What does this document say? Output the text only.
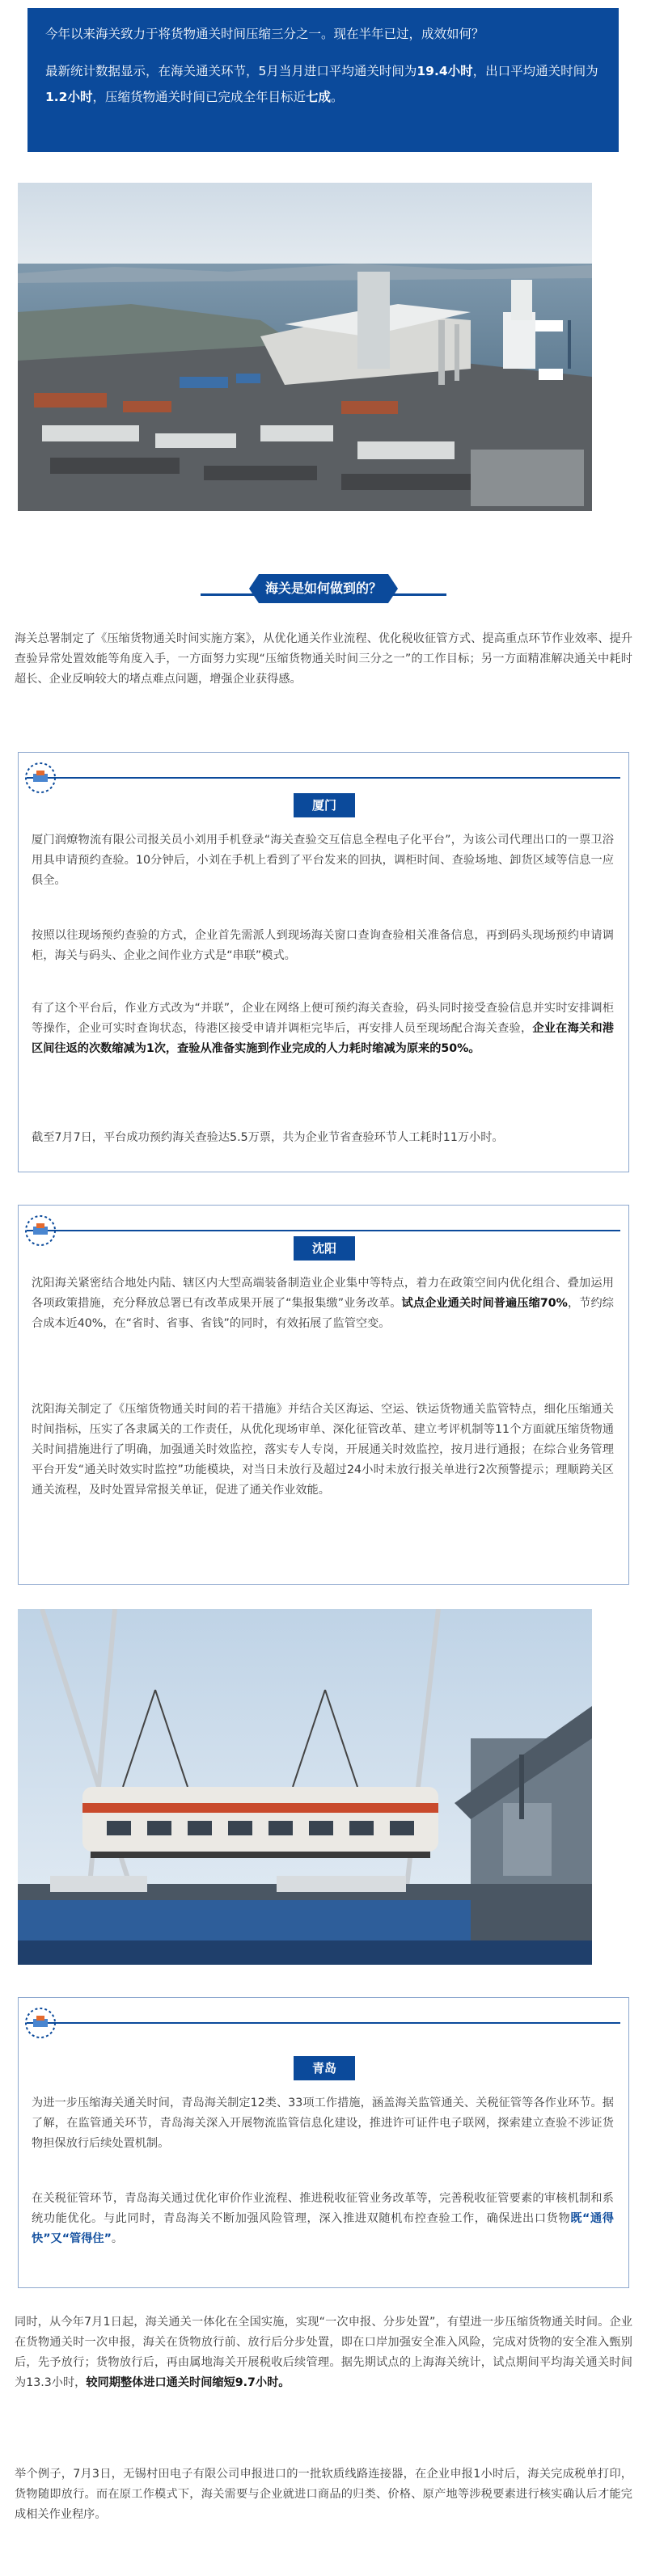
今年以来海关致力于将货物通关时间压缩三分之一。现在半年已过，成效如何？

最新统计数据显示，在海关通关环节，5月当月进口平均通关时间为19.4小时，出口平均通关时间为1.2小时，压缩货物通关时间已完成全年目标近七成。

海关是如何做到的？
海关总署制定了《压缩货物通关时间实施方案》，从优化通关作业流程、优化税收征管方式、提高重点环节作业效率、提升查验异常处置效能等角度入手，一方面努力实现“压缩货物通关时间三分之一”的工作目标；另一方面精准解决通关中耗时超长、企业反响较大的堵点难点问题，增强企业获得感。
厦门
厦门润燎物流有限公司报关员小刘用手机登录“海关查验交互信息全程电子化平台”，为该公司代理出口的一票卫浴用具申请预约查验。10分钟后，小刘在手机上看到了平台发来的回执，调柜时间、查验场地、卸货区域等信息一应俱全。
按照以往现场预约查验的方式，企业首先需派人到现场海关窗口查询查验相关准备信息，再到码头现场预约申请调柜，海关与码头、企业之间作业方式是“串联”模式。
有了这个平台后，作业方式改为“并联”，企业在网络上便可预约海关查验，码头同时接受查验信息并实时安排调柜等操作，企业可实时查询状态，待港区接受申请并调柜完毕后，再安排人员至现场配合海关查验，企业在海关和港区间往返的次数缩减为1次，查验从准备实施到作业完成的人力耗时缩减为原来的50%。
截至7月7日，平台成功预约海关查验达5.5万票，共为企业节省查验环节人工耗时11万小时。
沈阳
沈阳海关紧密结合地处内陆、辖区内大型高端装备制造业企业集中等特点，着力在政策空间内优化组合、叠加运用各项政策措施，充分释放总署已有改革成果开展了“集报集缴”业务改革。试点企业通关时间普遍压缩70%，节约综合成本近40%，在“省时、省事、省钱”的同时，有效拓展了监管空变。
沈阳海关制定了《压缩货物通关时间的若干措施》并结合关区海运、空运、铁运货物通关监管特点，细化压缩通关时间指标，压实了各隶属关的工作责任，从优化现场审单、深化征管改革、建立考评机制等11个方面就压缩货物通关时间措施进行了明确，加强通关时效监控，落实专人专岗，开展通关时效监控，按月进行通报；在综合业务管理平台开发“通关时效实时监控”功能模块，对当日未放行及超过24小时未放行报关单进行2次预警提示；理顺跨关区通关流程，及时处置异常报关单证，促进了通关作业效能。
青岛
为进一步压缩海关通关时间，青岛海关制定12类、33项工作措施，涵盖海关监管通关、关税征管等各作业环节。据了解，在监管通关环节，青岛海关深入开展物流监管信息化建设，推进许可证件电子联网，探索建立查验不涉证货物担保放行后续处置机制。
在关税征管环节，青岛海关通过优化审价作业流程、推进税收征管业务改革等，完善税收征管要素的审核机制和系统功能优化。与此同时，青岛海关不断加强风险管理，深入推进双随机布控查验工作，确保进出口货物既“通得快”又“管得住”。
同时，从今年7月1日起，海关通关一体化在全国实施，实现“一次申报、分步处置”，有望进一步压缩货物通关时间。企业在货物通关时一次申报，海关在货物放行前、放行后分步处置，即在口岸加强安全准入风险，完成对货物的安全准入甄别后，先予放行；货物放行后，再由属地海关开展税收后续管理。据先期试点的上海海关统计，试点期间平均海关通关时间为13.3小时，较同期整体进口通关时间缩短9.7小时。
举个例子，7月3日，无锡村田电子有限公司申报进口的一批软质线路连接器，在企业申报1小时后，海关完成税单打印，货物随即放行。而在原工作模式下，海关需要与企业就进口商品的归类、价格、原产地等涉税要素进行核实确认后才能完成相关作业程序。
